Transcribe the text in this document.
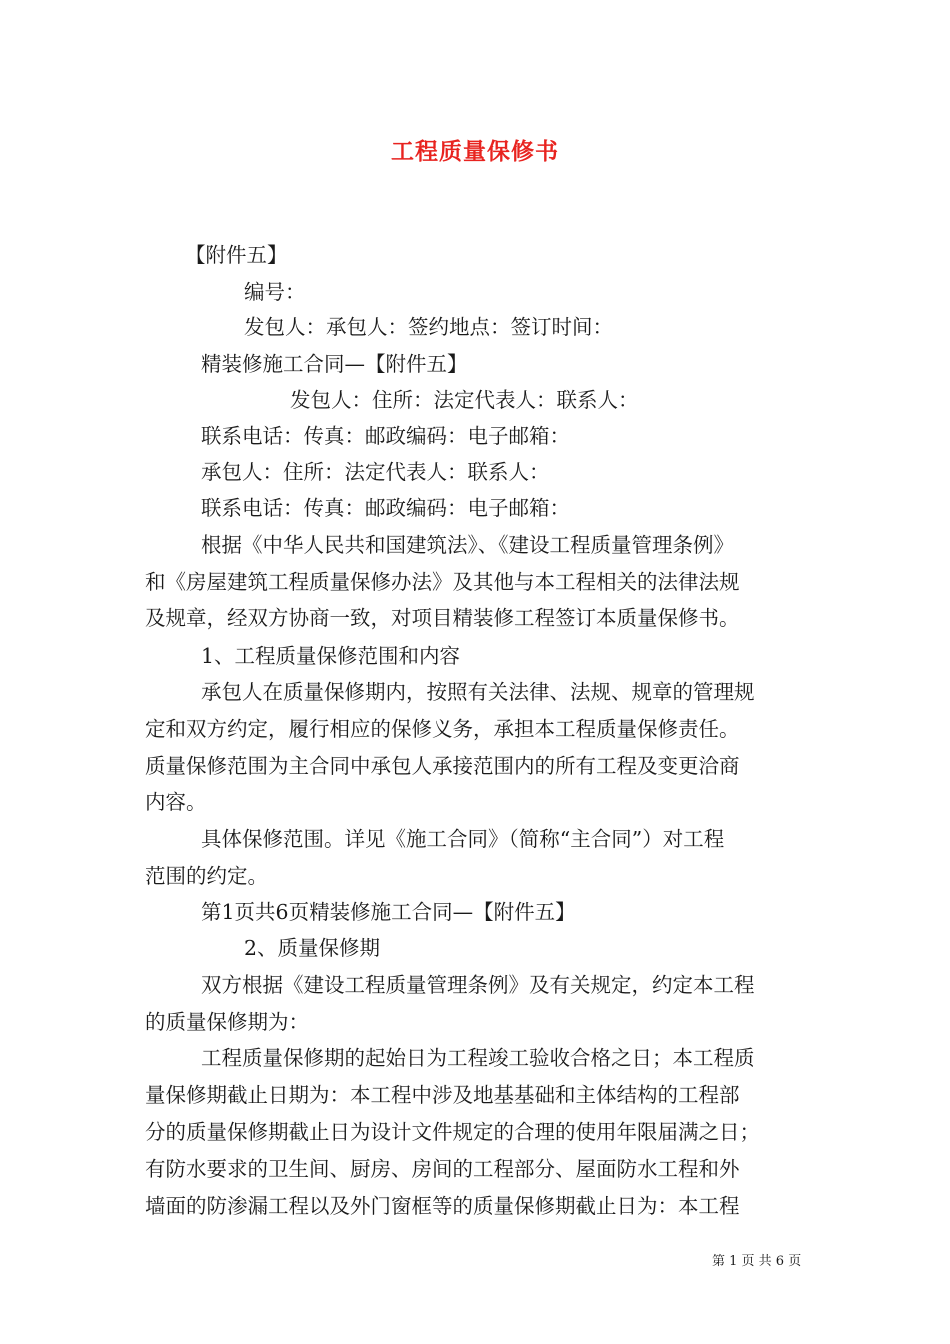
工程质量保修书
【附件五】
编号：
发包人：承包人：签约地点：签订时间：
精装修施工合同—【附件五】
发包人：住所：法定代表人：联系人：
联系电话：传真：邮政编码：电子邮箱：
承包人：住所：法定代表人：联系人：
联系电话：传真：邮政编码：电子邮箱：
根据《中华人民共和国建筑法》、《建设工程质量管理条例》
和《房屋建筑工程质量保修办法》及其他与本工程相关的法律法规
及规章，经双方协商一致，对项目精装修工程签订本质量保修书。
1、工程质量保修范围和内容
承包人在质量保修期内，按照有关法律、法规、规章的管理规
定和双方约定，履行相应的保修义务，承担本工程质量保修责任。
质量保修范围为主合同中承包人承接范围内的所有工程及变更洽商
内容。
具体保修范围。详见《施工合同》（简称“主合同”）对工程
范围的约定。
第1页共6页精装修施工合同—【附件五】
2、质量保修期
双方根据《建设工程质量管理条例》及有关规定，约定本工程
的质量保修期为：
工程质量保修期的起始日为工程竣工验收合格之日；本工程质
量保修期截止日期为：本工程中涉及地基基础和主体结构的工程部
分的质量保修期截止日为设计文件规定的合理的使用年限届满之日；
有防水要求的卫生间、厨房、房间的工程部分、屋面防水工程和外
墙面的防渗漏工程以及外门窗框等的质量保修期截止日为：本工程
第 1 页 共 6 页
